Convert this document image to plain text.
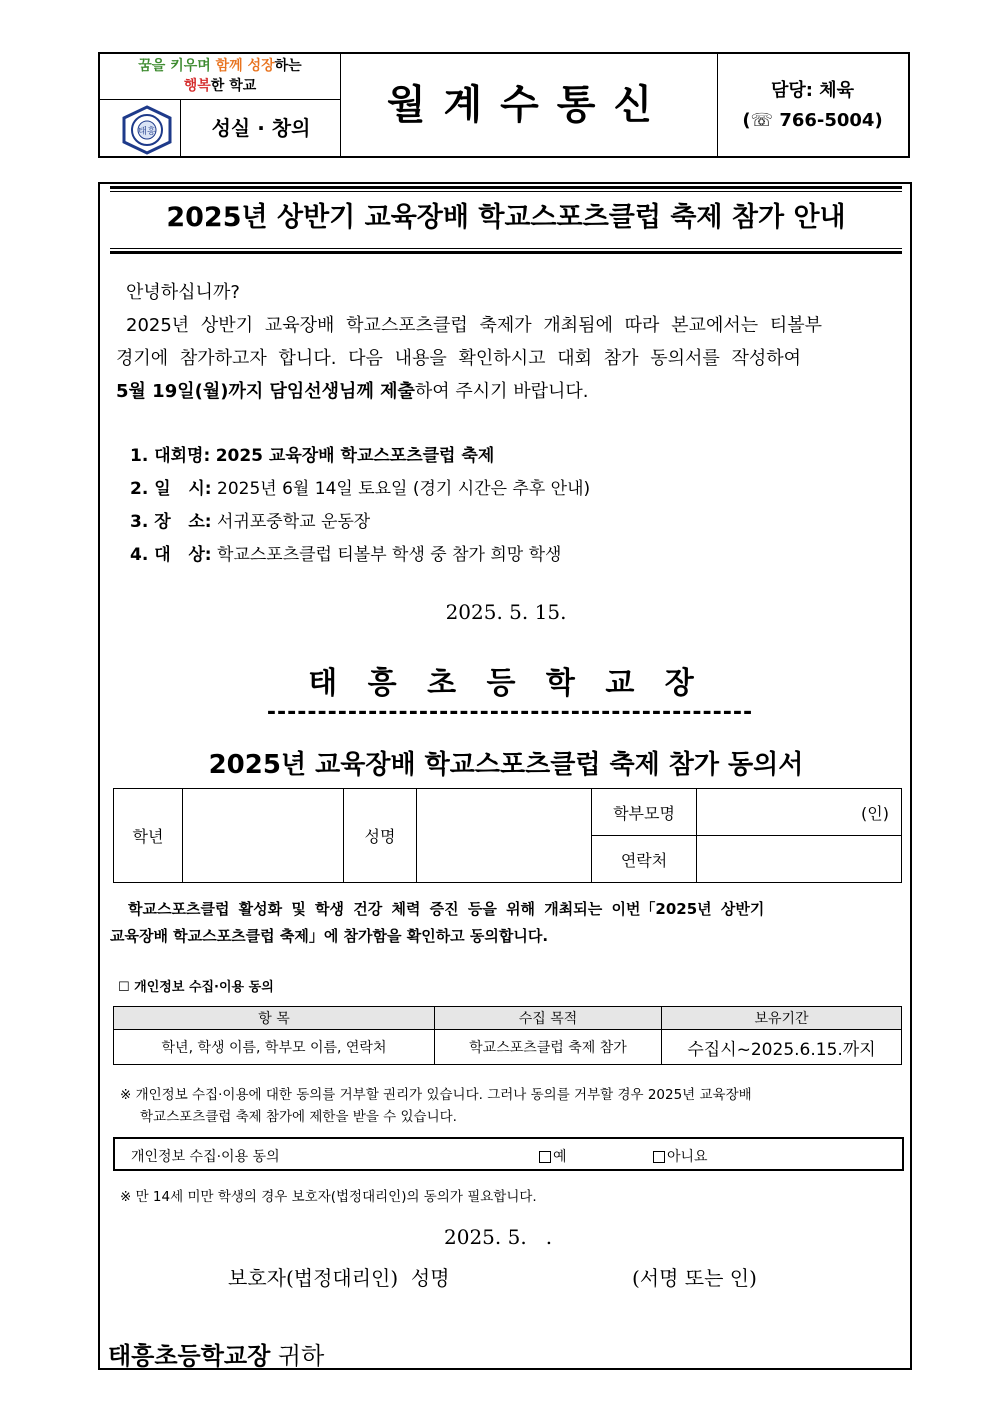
꿈을 키우며 함께 성장하는
행복한 학교
태흥	성실 · 창의	월계수통신	담당: 체육
(☏ 766-5004)
2025년 상반기 교육장배 학교스포츠클럽 축제 참가 안내
안녕하십니까?
2025년 상반기 교육장배 학교스포츠클럽 축제가 개최됨에 따라 본교에서는 티볼부
경기에 참가하고자 합니다. 다음 내용을 확인하시고 대회 참가 동의서를 작성하여
5월 19일(월)까지 담임선생님께 제출하여 주시기 바랍니다.
1. 대회명: 2025 교육장배 학교스포츠클럽 축제
2. 일   시: 2025년 6월 14일 토요일 (경기 시간은 추후 안내)
3. 장   소: 서귀포중학교 운동장
4. 대   상: 학교스포츠클럽 티볼부 학생 중 참가 희망 학생
2025. 5. 15.
태 흥 초 등 학 교 장
------------------------------------------------
2025년 교육장배 학교스포츠클럽 축제 참가 동의서
학년		성명		학부모명	(인)
				연락처	
학교스포츠클럽 활성화 및 학생 건강 체력 증진 등을 위해 개최되는 이번「2025년 상반기
교육장배 학교스포츠클럽 축제」에 참가함을 확인하고 동의합니다.
☐ 개인정보 수집·이용 동의
항 목	수집 목적	보유기간
학년, 학생 이름, 학부모 이름, 연락처	학교스포츠클럽 축제 참가	수집시~2025.6.15.까지
※ 개인정보 수집·이용에 대한 동의를 거부할 권리가 있습니다. 그러나 동의를 거부할 경우 2025년 교육장배
학교스포츠클럽 축제 참가에 제한을 받을 수 있습니다.
개인정보 수집·이용 동의	예	아니요
※ 만 14세 미만 학생의 경우 보호자(법정대리인)의 동의가 필요합니다.
2025. 5.   .
보호자(법정대리인)  성명	(서명 또는 인)
태흥초등학교장 귀하
